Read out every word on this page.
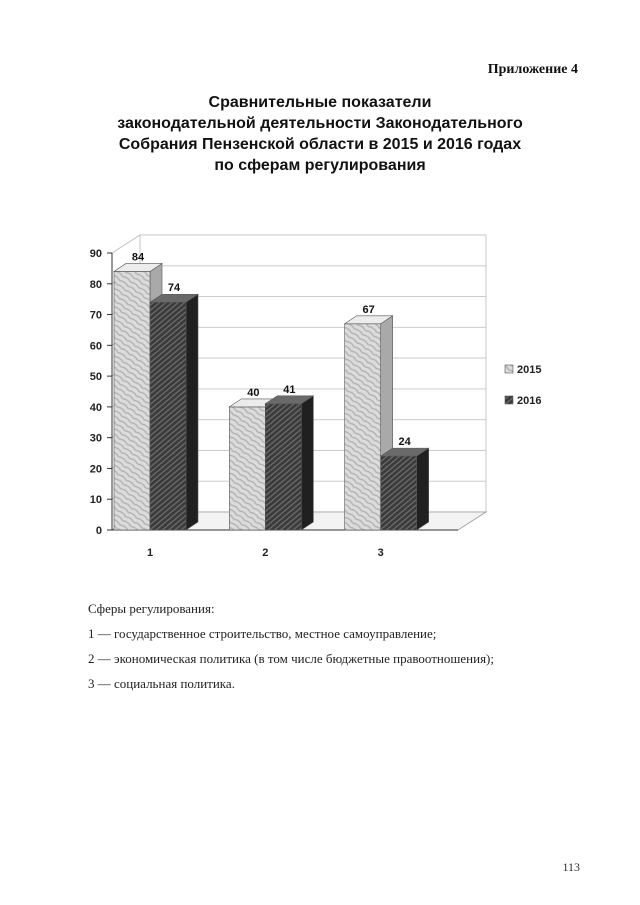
Приложение 4
Сравнительные показатели
законодательной деятельности Законодательного
Собрания Пензенской области в 2015 и 2016 годах
по сферам регулирования
0
10
20
30
40
50
60
70
80
90	84
74
1
40 41
2
67
24
3
2015
2016
Сферы регулирования:
1 — государственное строительство, местное самоуправление;
2 — экономическая политика (в том числе бюджетные правоотношения);
3 — социальная политика.
113
